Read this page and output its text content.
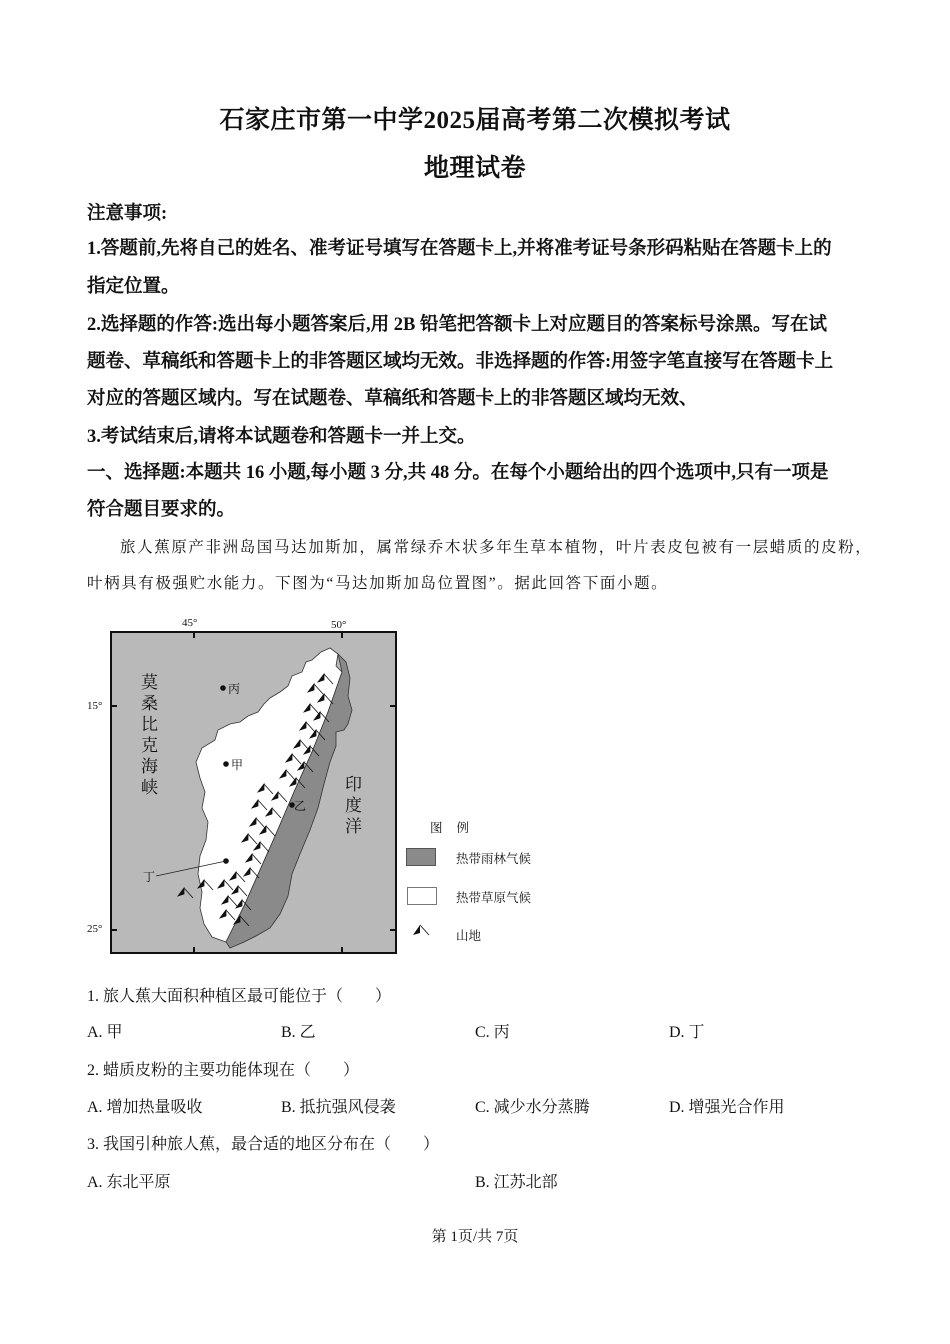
石家庄市第一中学2025届高考第二次模拟考试
地理试卷
注意事项:
1.答题前,先将自己的姓名、准考证号填写在答题卡上,并将准考证号条形码粘贴在答题卡上的
指定位置。
2.选择题的作答:选出每小题答案后,用 2B 铅笔把答额卡上对应题目的答案标号涂黑。写在试
题卷、草稿纸和答题卡上的非答题区域均无效。非选择题的作答:用签字笔直接写在答题卡上
对应的答题区域内。写在试题卷、草稿纸和答题卡上的非答题区域均无效、
3.考试结束后,请将本试题卷和答题卡一并上交。
一、选择题:本题共 16 小题,每小题 3 分,共 48 分。在每个小题给出的四个选项中,只有一项是
符合题目要求的。
旅人蕉原产非洲岛国马达加斯加，属常绿乔木状多年生草本植物，叶片表皮包被有一层蜡质的皮粉，
叶柄具有极强贮水能力。下图为“马达加斯加岛位置图”。据此回答下面小题。
45°	50°
15°
25°
莫
桑
比
克
海
峡	印
度
洋
丙
甲
乙
丁
图例
热带雨林气候
热带草原气候
山地
1. 旅人蕉大面积种植区最可能位于（　　）
A. 甲	B. 乙	C. 丙	D. 丁
2. 蜡质皮粉的主要功能体现在（　　）
A. 增加热量吸收	B. 抵抗强风侵袭	C. 减少水分蒸腾	D. 增强光合作用
3. 我国引种旅人蕉，最合适的地区分布在（　　）
A. 东北平原	B. 江苏北部
第 1页/共 7页
